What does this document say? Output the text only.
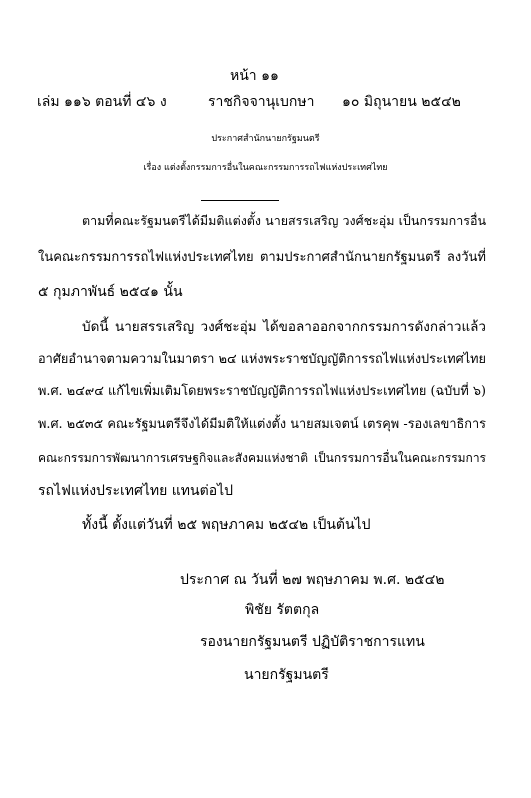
หน้า ๑๑
เล่ม ๑๑๖ ตอนที่ ๔๖ ง	ราชกิจจานุเบกษา ๑๐ มิถุนายน ๒๕๔๒
ประกาศสำนักนายกรัฐมนตรี
เรื่อง แต่งตั้งกรรมการอื่นในคณะกรรมการรถไฟแห่งประเทศไทย
ตามที่คณะรัฐมนตรีได้มีมติแต่งตั้ง นายสรรเสริญ วงศ์ชะอุ่ม เป็นกรรมการอื่น
ในคณะกรรมการรถไฟแห่งประเทศไทย ตามประกาศสำนักนายกรัฐมนตรี ลงวันที่
๕ กุมภาพันธ์ ๒๕๔๑ นั้น
บัดนี้ นายสรรเสริญ วงศ์ชะอุ่ม ได้ขอลาออกจากกรรมการดังกล่าวแล้ว
อาศัยอำนาจตามความในมาตรา ๒๔ แห่งพระราชบัญญัติการรถไฟแห่งประเทศไทย
พ.ศ. ๒๔๙๔ แก้ไขเพิ่มเติมโดยพระราชบัญญัติการรถไฟแห่งประเทศไทย (ฉบับที่ ๖)
พ.ศ. ๒๕๓๕ คณะรัฐมนตรีจึงได้มีมติให้แต่งตั้ง นายสมเจตน์ เตรคุพ -รองเลขาธิการ
คณะกรรมการพัฒนาการเศรษฐกิจและสังคมแห่งชาติ เป็นกรรมการอื่นในคณะกรรมการ
รถไฟแห่งประเทศไทย แทนต่อไป
ทั้งนี้ ตั้งแต่วันที่ ๒๕ พฤษภาคม ๒๕๔๒ เป็นต้นไป
ประกาศ ณ วันที่ ๒๗ พฤษภาคม พ.ศ. ๒๕๔๒
พิชัย รัตตกุล
รองนายกรัฐมนตรี ปฏิบัติราชการแทน
นายกรัฐมนตรี
